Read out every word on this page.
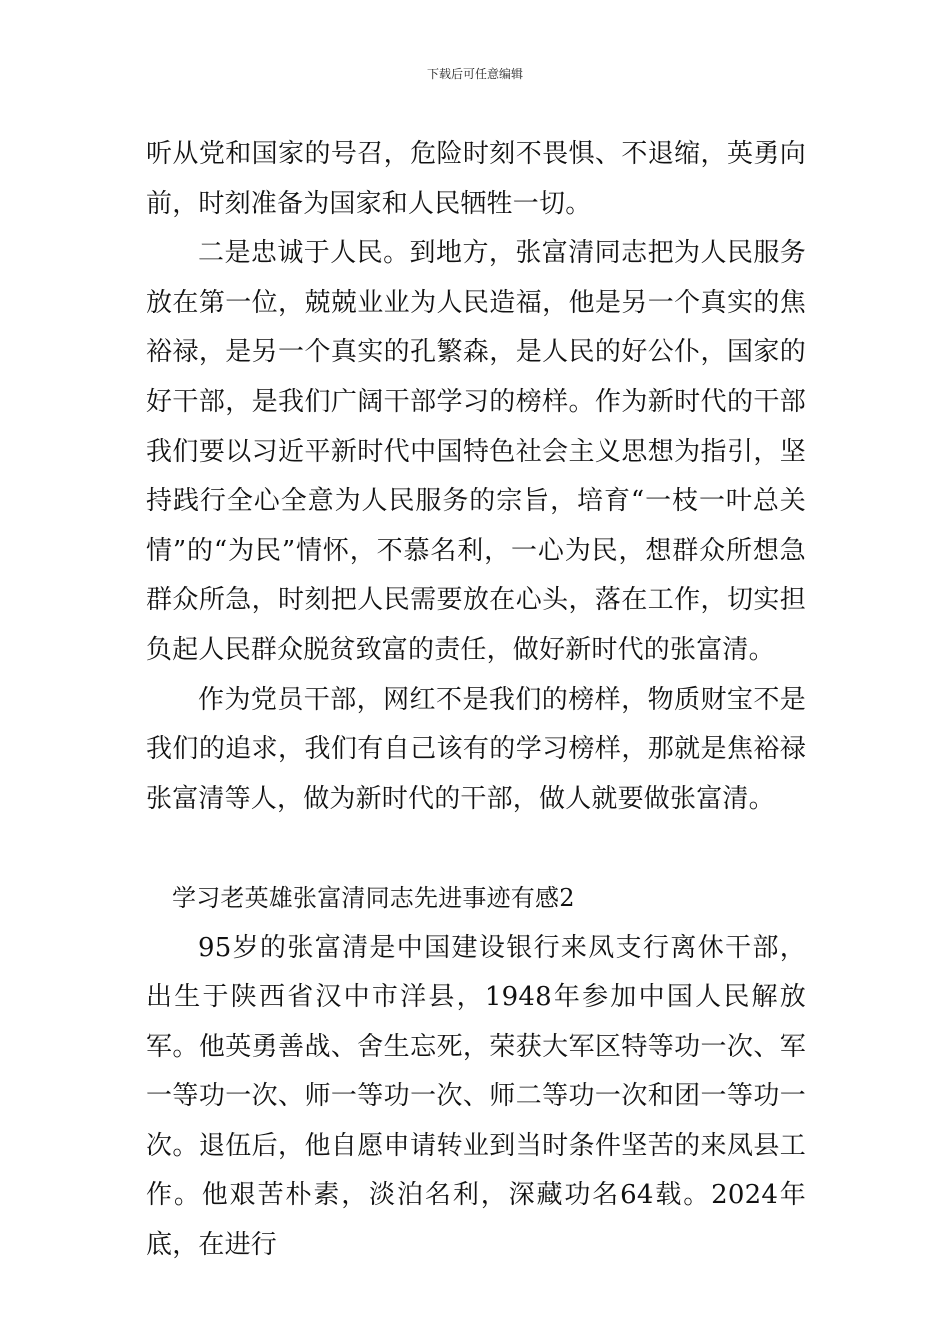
下载后可任意编辑

听从党和国家的号召，危险时刻不畏惧、不退缩，英勇向前，时刻准备为国家和人民牺牲一切。

二是忠诚于人民。到地方，张富清同志把为人民服务放在第一位，兢兢业业为人民造福，他是另一个真实的焦裕禄，是另一个真实的孔繁森，是人民的好公仆，国家的好干部，是我们广阔干部学习的榜样。作为新时代的干部我们要以习近平新时代中国特色社会主义思想为指引，坚持践行全心全意为人民服务的宗旨，培育“一枝一叶总关情”的“为民”情怀，不慕名利，一心为民，想群众所想急群众所急，时刻把人民需要放在心头，落在工作，切实担负起人民群众脱贫致富的责任，做好新时代的张富清。

作为党员干部，网红不是我们的榜样，物质财宝不是我们的追求，我们有自己该有的学习榜样，那就是焦裕禄张富清等人，做为新时代的干部，做人就要做张富清。

学习老英雄张富清同志先进事迹有感2

95岁的张富清是中国建设银行来凤支行离休干部，出生于陕西省汉中市洋县，1948年参加中国人民解放军。他英勇善战、舍生忘死，荣获大军区特等功一次、军一等功一次、师一等功一次、师二等功一次和团一等功一次。退伍后，他自愿申请转业到当时条件坚苦的来凤县工作。他艰苦朴素，淡泊名利，深藏功名64载。2024年底，在进行
